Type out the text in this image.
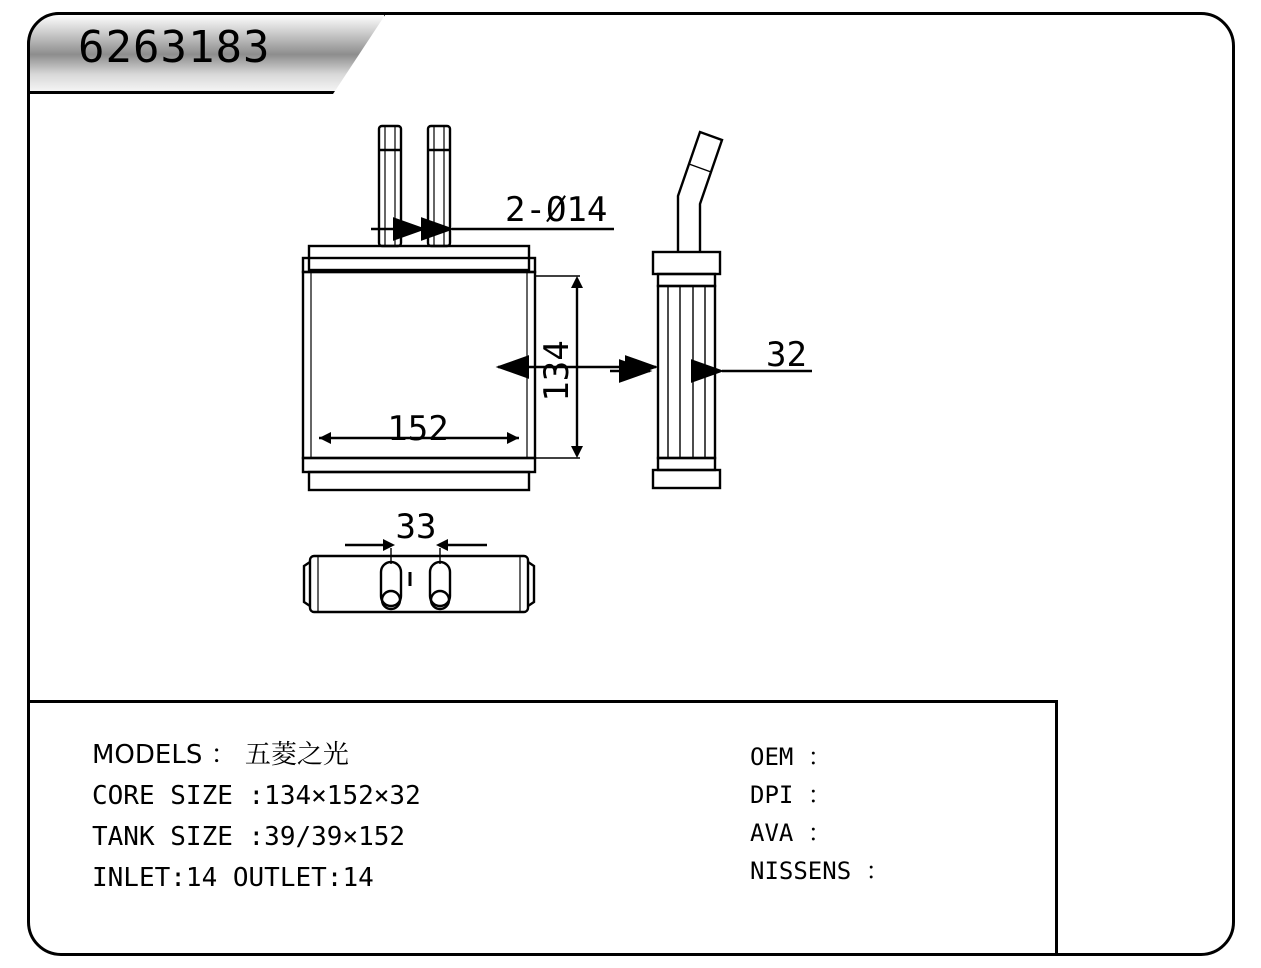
6263183
2-Ø14
134
152
32
33
MODELS ： 五菱之光
CORE SIZE :134×152×32
TANK SIZE :39/39×152
INLET:14 OUTLET:14
OEM ：
DPI ：
AVA ：
NISSENS ：
